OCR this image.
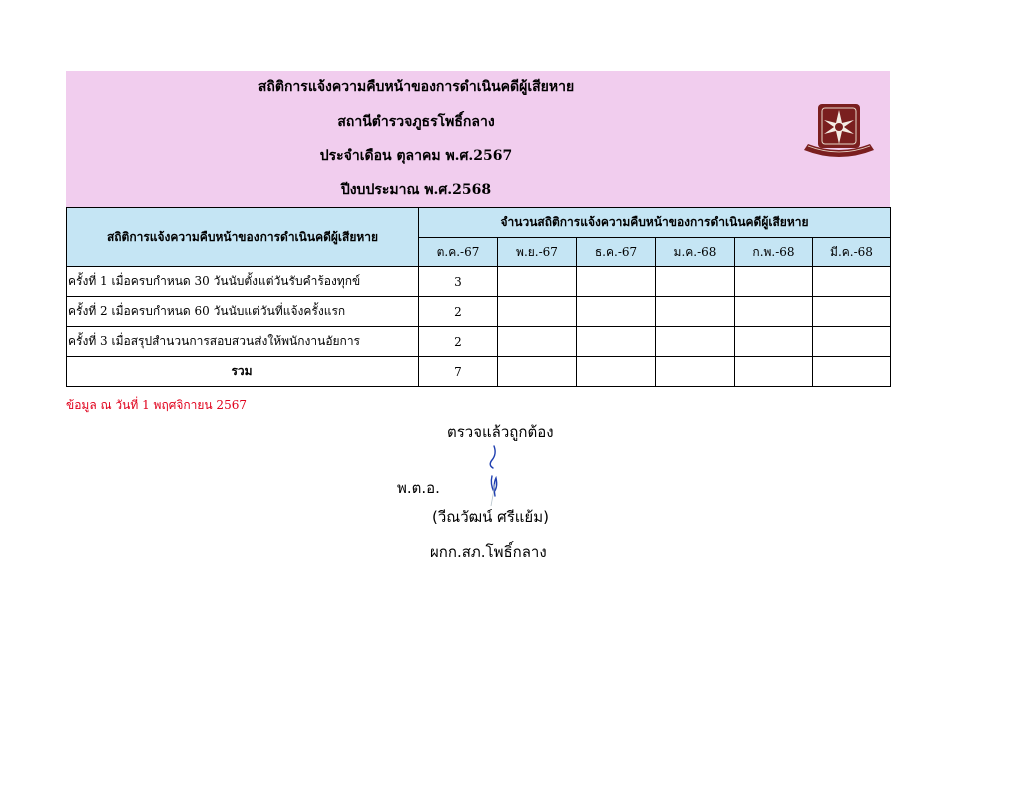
สถิติการแจ้งความคืบหน้าของการดำเนินคดีผู้เสียหาย
สถานีตำรวจภูธรโพธิ์กลาง
ประจำเดือน ตุลาคม พ.ศ.2567
ปีงบประมาณ พ.ศ.2568
สถิติการแจ้งความคืบหน้าของการดำเนินคดีผู้เสียหาย	จำนวนสถิติการแจ้งความคืบหน้าของการดำเนินคดีผู้เสียหาย					
	ต.ค.-67	พ.ย.-67	ธ.ค.-67	ม.ค.-68	ก.พ.-68	มี.ค.-68
ครั้งที่ 1 เมื่อครบกำหนด 30 วันนับตั้งแต่วันรับคำร้องทุกข์	3					
ครั้งที่ 2 เมื่อครบกำหนด 60 วันนับแต่วันที่แจ้งครั้งแรก	2					
ครั้งที่ 3 เมื่อสรุปสำนวนการสอบสวนส่งให้พนักงานอัยการ	2					
รวม	7					
ข้อมูล ณ วันที่ 1 พฤศจิกายน 2567
ตรวจแล้วถูกต้อง
พ.ต.อ.
(วีณวัฒน์ ศรีแย้ม)
ผกก.สภ.โพธิ์กลาง
